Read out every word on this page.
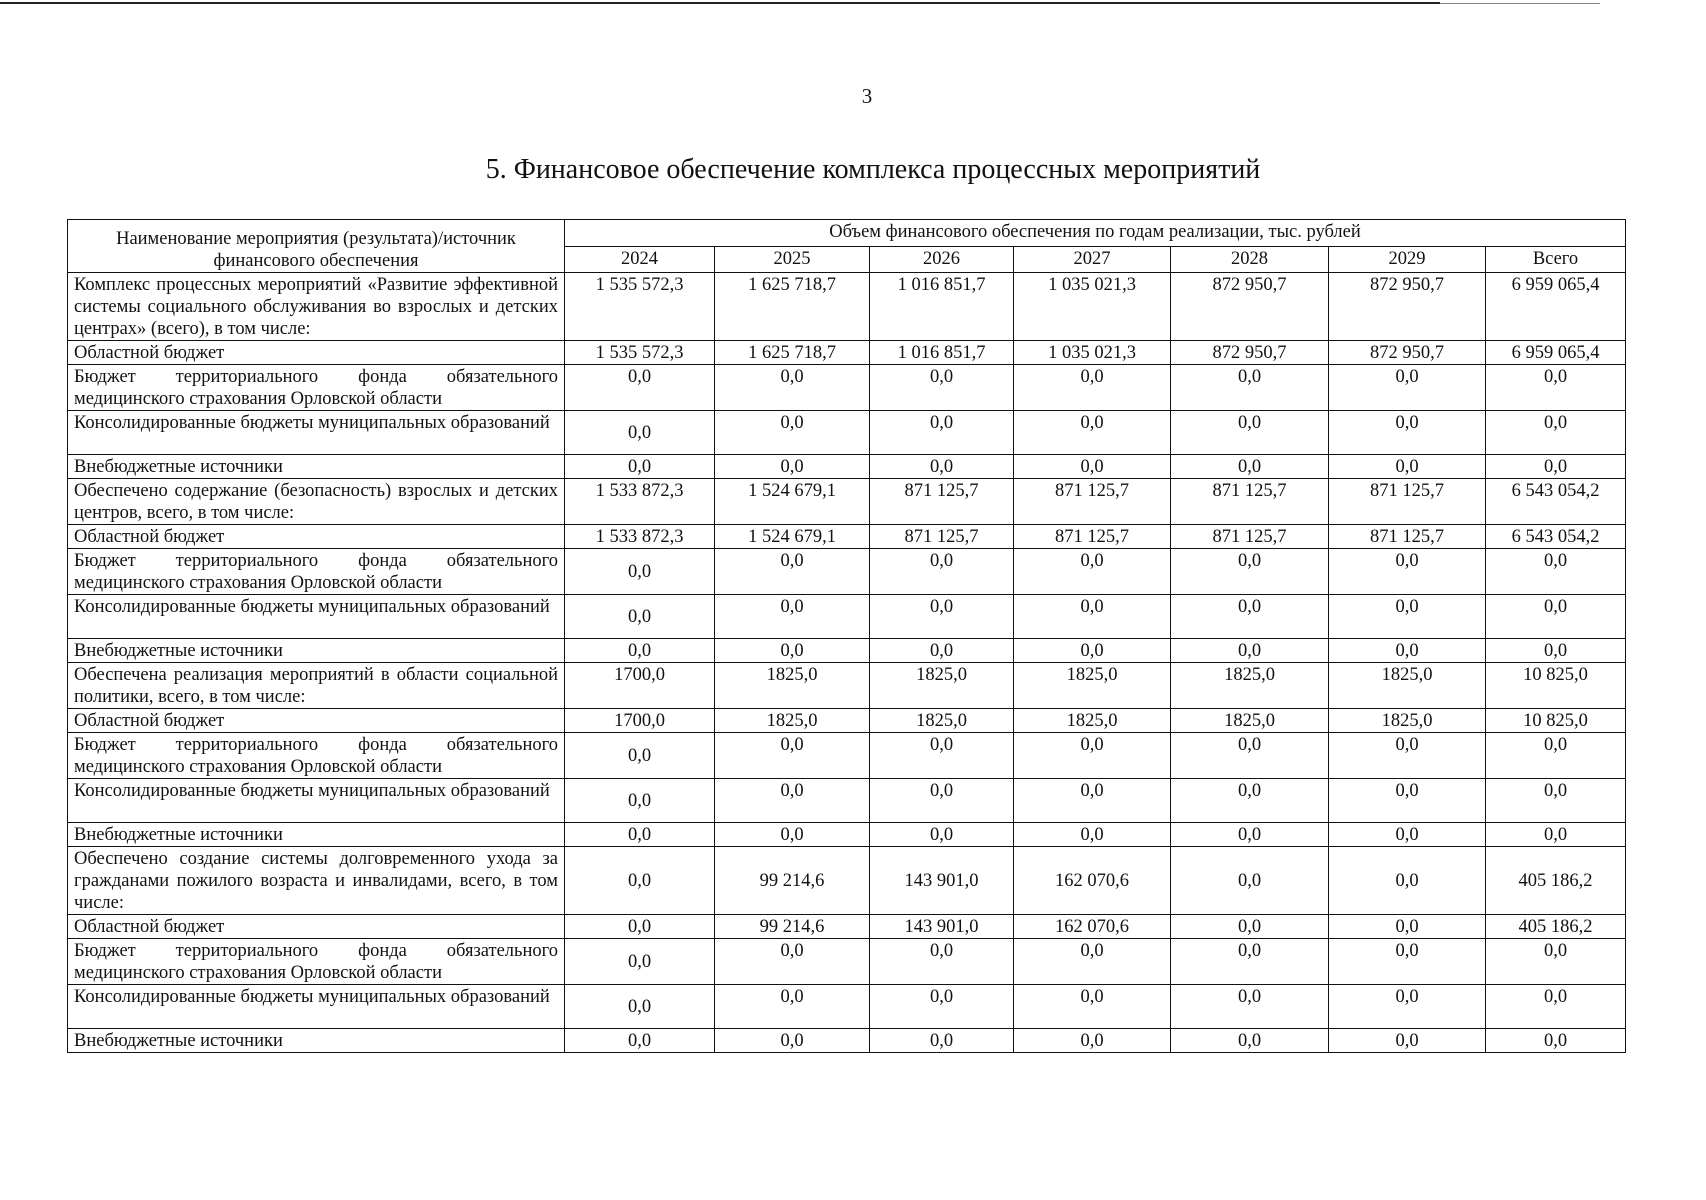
3
5. Финансовое обеспечение комплекса процессных мероприятий
Наименование мероприятия (результата)/источник финансового обеспечения	Объем финансового обеспечения по годам реализации, тыс. рублей						
	2024	2025	2026	2027	2028	2029	Всего
Комплекс процессных мероприятий «Развитие эффективной системы социального обслуживания во взрослых и детских центрах» (всего), в том числе:	1 535 572,3	1 625 718,7	1 016 851,7	1 035 021,3	872 950,7	872 950,7	6 959 065,4
Областной бюджет	1 535 572,3	1 625 718,7	1 016 851,7	1 035 021,3	872 950,7	872 950,7	6 959 065,4
Бюджет территориального фонда обязательного медицинского страхования Орловской области	0,0	0,0	0,0	0,0	0,0	0,0	0,0
Консолидированные бюджеты муниципальных образований	0,0	0,0	0,0	0,0	0,0	0,0	0,0
Внебюджетные источники	0,0	0,0	0,0	0,0	0,0	0,0	0,0
Обеспечено содержание (безопасность) взрослых и детских центров, всего, в том числе:	1 533 872,3	1 524 679,1	871 125,7	871 125,7	871 125,7	871 125,7	6 543 054,2
Областной бюджет	1 533 872,3	1 524 679,1	871 125,7	871 125,7	871 125,7	871 125,7	6 543 054,2
Бюджет территориального фонда обязательного медицинского страхования Орловской области	0,0	0,0	0,0	0,0	0,0	0,0	0,0
Консолидированные бюджеты муниципальных образований	0,0	0,0	0,0	0,0	0,0	0,0	0,0
Внебюджетные источники	0,0	0,0	0,0	0,0	0,0	0,0	0,0
Обеспечена реализация мероприятий в области социальной политики, всего, в том числе:	1700,0	1825,0	1825,0	1825,0	1825,0	1825,0	10 825,0
Областной бюджет	1700,0	1825,0	1825,0	1825,0	1825,0	1825,0	10 825,0
Бюджет территориального фонда обязательного медицинского страхования Орловской области	0,0	0,0	0,0	0,0	0,0	0,0	0,0
Консолидированные бюджеты муниципальных образований	0,0	0,0	0,0	0,0	0,0	0,0	0,0
Внебюджетные источники	0,0	0,0	0,0	0,0	0,0	0,0	0,0
Обеспечено создание системы долговременного ухода за гражданами пожилого возраста и инвалидами, всего, в том числе:	0,0	99 214,6	143 901,0	162 070,6	0,0	0,0	405 186,2
Областной бюджет	0,0	99 214,6	143 901,0	162 070,6	0,0	0,0	405 186,2
Бюджет территориального фонда обязательного медицинского страхования Орловской области	0,0	0,0	0,0	0,0	0,0	0,0	0,0
Консолидированные бюджеты муниципальных образований	0,0	0,0	0,0	0,0	0,0	0,0	0,0
Внебюджетные источники	0,0	0,0	0,0	0,0	0,0	0,0	0,0
